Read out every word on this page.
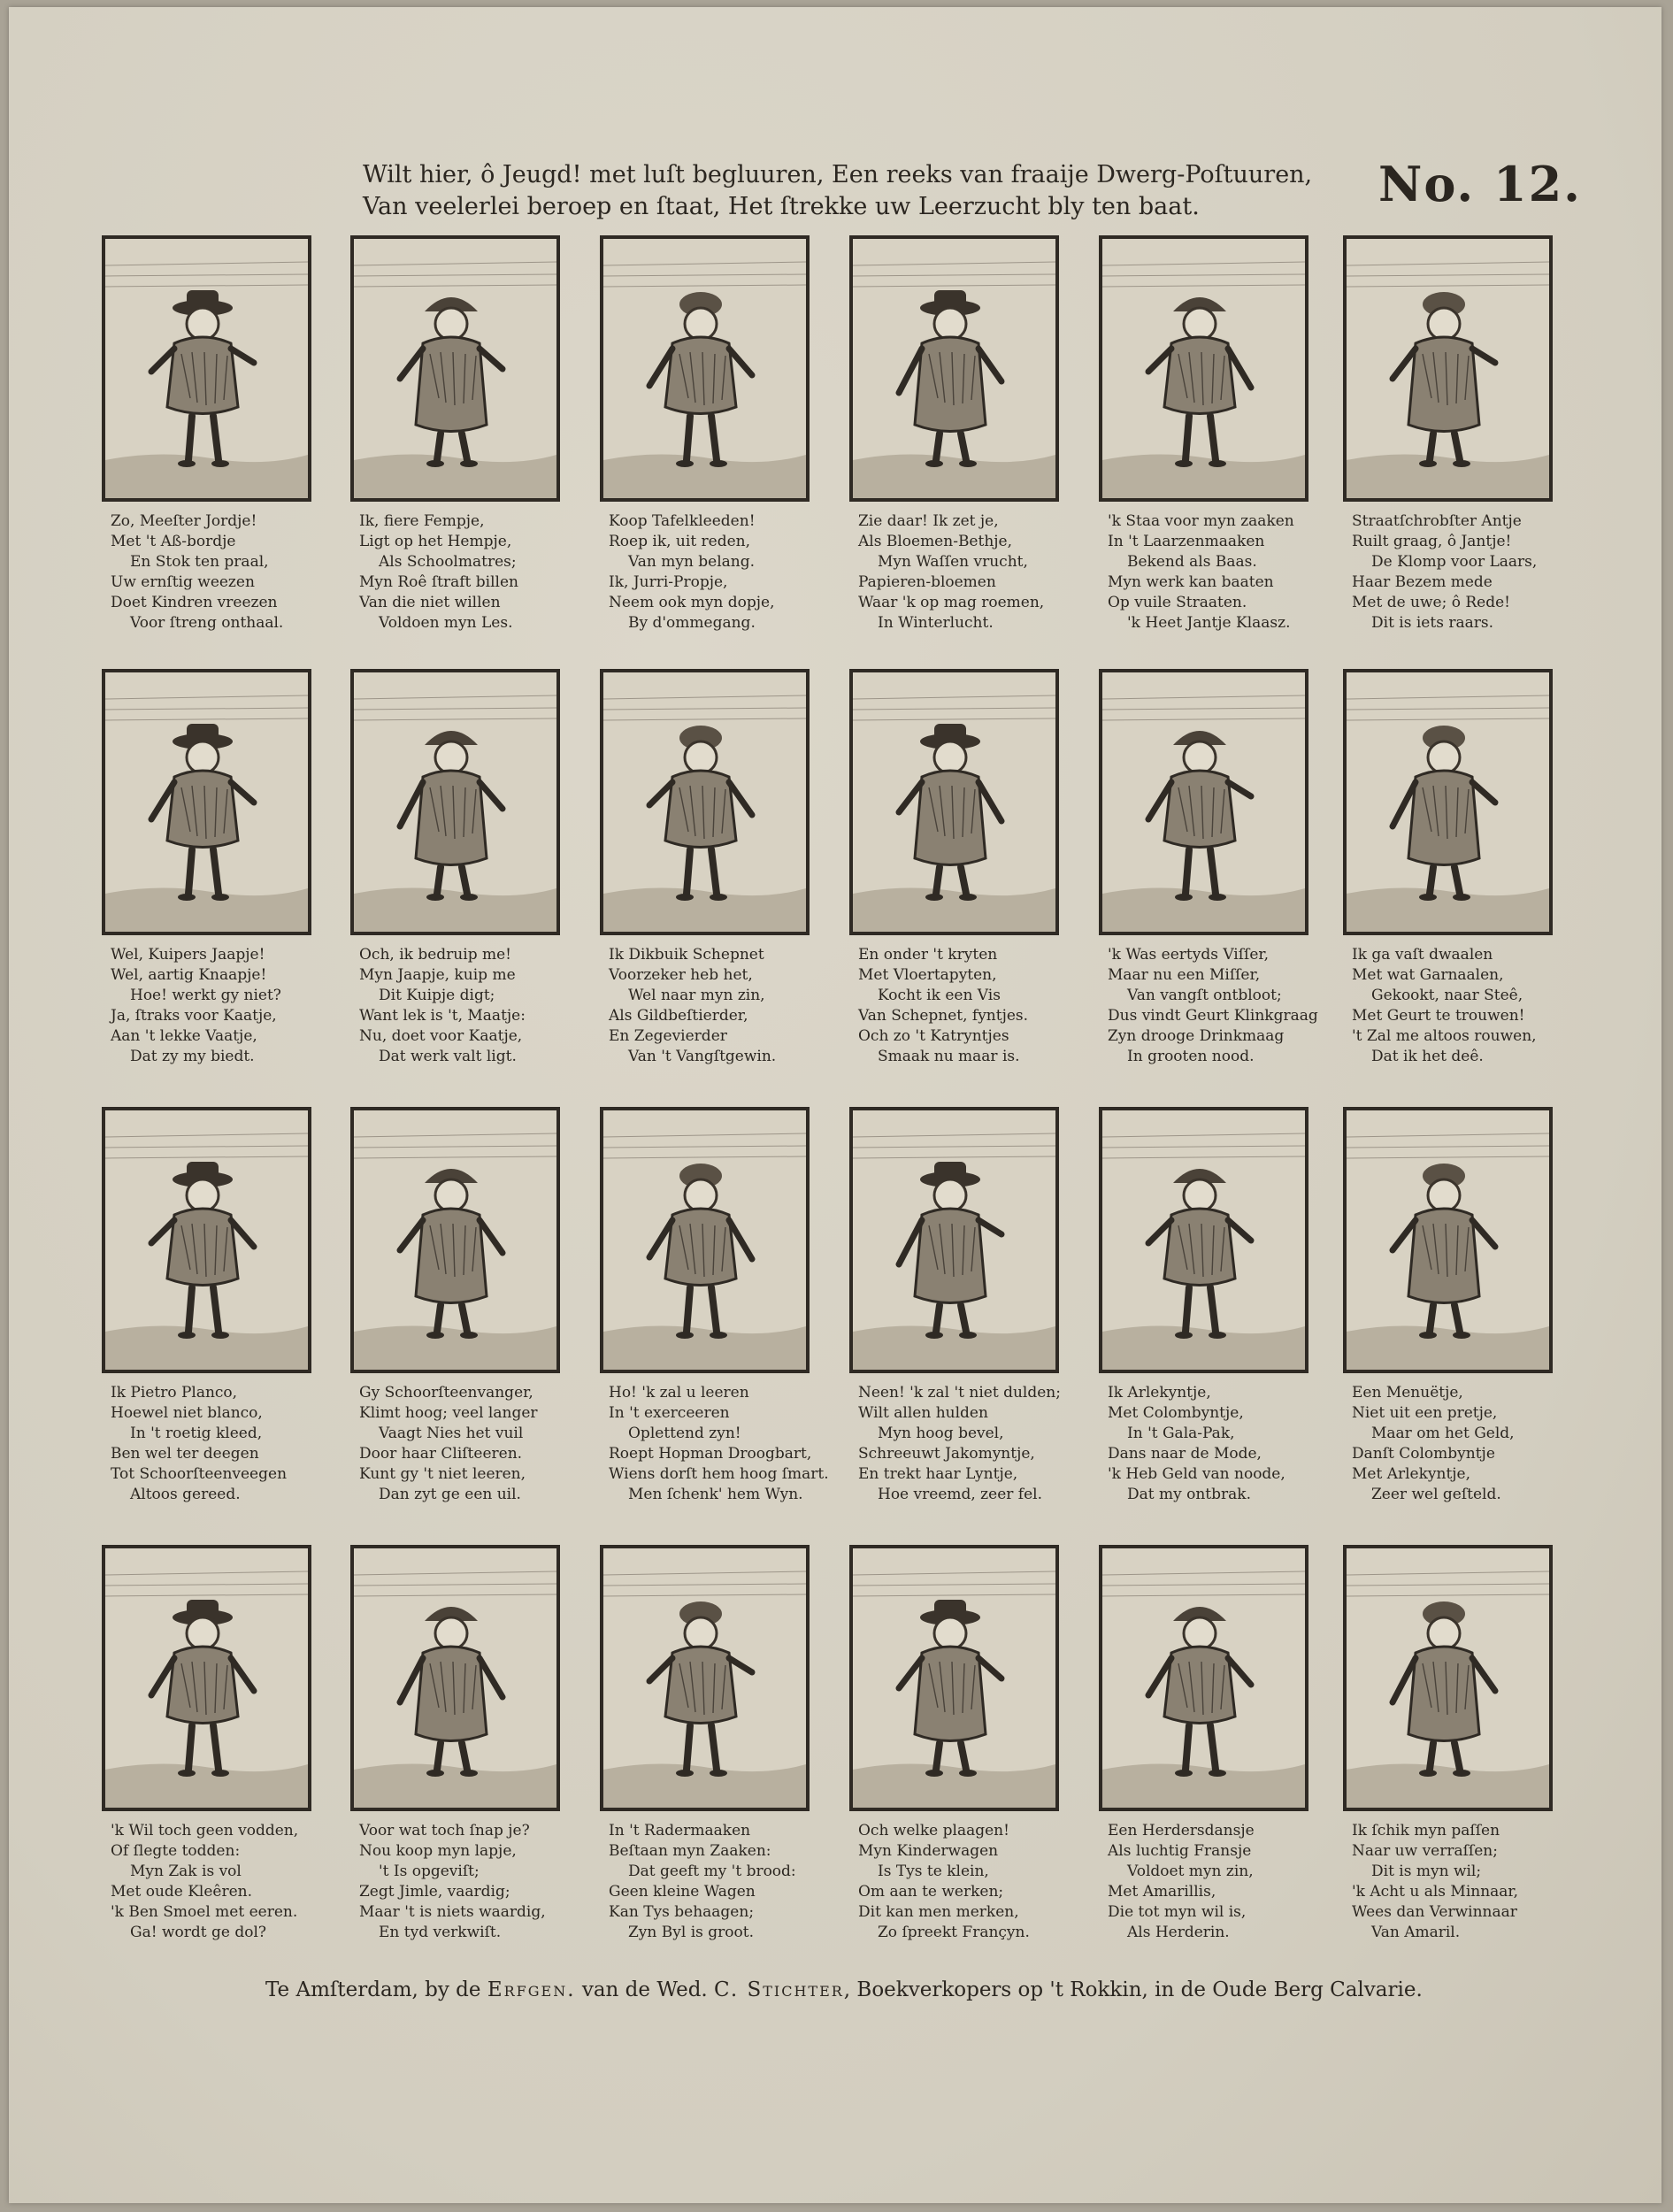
Wilt hier, ô Jeugd! met luſt begluuren, Een reeks van fraaije Dwerg-Poſtuuren,
Van veelerlei beroep en ſtaat, Het ſtrekke uw Leerzucht bly ten baat.	No. 12.
Zo, Meeſter Jordje!
Met 't Aß-bordje
En Stok ten praal,
Uw ernſtig weezen
Doet Kindren vreezen
Voor ſtreng onthaal.
Ik, fiere Fempje,
Ligt op het Hempje,
Als Schoolmatres;
Myn Roê ſtraft billen
Van die niet willen
Voldoen myn Les.
Koop Tafelkleeden!
Roep ik, uit reden,
Van myn belang.
Ik, Jurri-Propje,
Neem ook myn dopje,
By d'ommegang.
Zie daar! Ik zet je,
Als Bloemen-Bethje,
Myn Waſſen vrucht,
Papieren-bloemen
Waar 'k op mag roemen,
In Winterlucht.
'k Staa voor myn zaaken
In 't Laarzenmaaken
Bekend als Baas.
Myn werk kan baaten
Op vuile Straaten.
'k Heet Jantje Klaasz.
Straatſchrobſter Antje
Ruilt graag, ô Jantje!
De Klomp voor Laars,
Haar Bezem mede
Met de uwe; ô Rede!
Dit is iets raars.
Wel, Kuipers Jaapje!
Wel, aartig Knaapje!
Hoe! werkt gy niet?
Ja, ſtraks voor Kaatje,
Aan 't lekke Vaatje,
Dat zy my biedt.
Och, ik bedruip me!
Myn Jaapje, kuip me
Dit Kuipje digt;
Want lek is 't, Maatje:
Nu, doet voor Kaatje,
Dat werk valt ligt.
Ik Dikbuik Schepnet
Voorzeker heb het,
Wel naar myn zin,
Als Gildbeſtierder,
En Zegevierder
Van 't Vangſtgewin.
En onder 't kryten
Met Vloertapyten,
Kocht ik een Vis
Van Schepnet, fyntjes.
Och zo 't Katryntjes
Smaak nu maar is.
'k Was eertyds Viſſer,
Maar nu een Miſſer,
Van vangſt ontbloot;
Dus vindt Geurt Klinkgraag
Zyn drooge Drinkmaag
In grooten nood.
Ik ga vaſt dwaalen
Met wat Garnaalen,
Gekookt, naar Steê,
Met Geurt te trouwen!
't Zal me altoos rouwen,
Dat ik het deê.
Ik Pietro Planco,
Hoewel niet blanco,
In 't roetig kleed,
Ben wel ter deegen
Tot Schoorſteenveegen
Altoos gereed.
Gy Schoorſteenvanger,
Klimt hoog; veel langer
Vaagt Nies het vuil
Door haar Cliſteeren.
Kunt gy 't niet leeren,
Dan zyt ge een uil.
Ho! 'k zal u leeren
In 't exerceeren
Oplettend zyn!
Roept Hopman Droogbart,
Wiens dorſt hem hoog ſmart.
Men ſchenk' hem Wyn.
Neen! 'k zal 't niet dulden;
Wilt allen hulden
Myn hoog bevel,
Schreeuwt Jakomyntje,
En trekt haar Lyntje,
Hoe vreemd, zeer fel.
Ik Arlekyntje,
Met Colombyntje,
In 't Gala-Pak,
Dans naar de Mode,
'k Heb Geld van noode,
Dat my ontbrak.
Een Menuëtje,
Niet uit een pretje,
Maar om het Geld,
Danſt Colombyntje
Met Arlekyntje,
Zeer wel geſteld.
'k Wil toch geen vodden,
Of ſlegte todden:
Myn Zak is vol
Met oude Kleêren.
'k Ben Smoel met eeren.
Ga! wordt ge dol?
Voor wat toch ſnap je?
Nou koop myn lapje,
't Is opgeviſt;
Zegt Jimle, vaardig;
Maar 't is niets waardig,
En tyd verkwiſt.
In 't Radermaaken
Beſtaan myn Zaaken:
Dat geeft my 't brood:
Geen kleine Wagen
Kan Tys behaagen;
Zyn Byl is groot.
Och welke plaagen!
Myn Kinderwagen
Is Tys te klein,
Om aan te werken;
Dit kan men merken,
Zo ſpreekt Françyn.
Een Herdersdansje
Als luchtig Fransje
Voldoet myn zin,
Met Amarillis,
Die tot myn wil is,
Als Herderin.
Ik ſchik myn paſſen
Naar uw verraſſen;
Dit is myn wil;
'k Acht u als Minnaar,
Wees dan Verwinnaar
Van Amaril.
Te Amſterdam, by de Erfgen. van de Wed. C. Stichter, Boekverkopers op 't Rokkin, in de Oude Berg Calvarie.
